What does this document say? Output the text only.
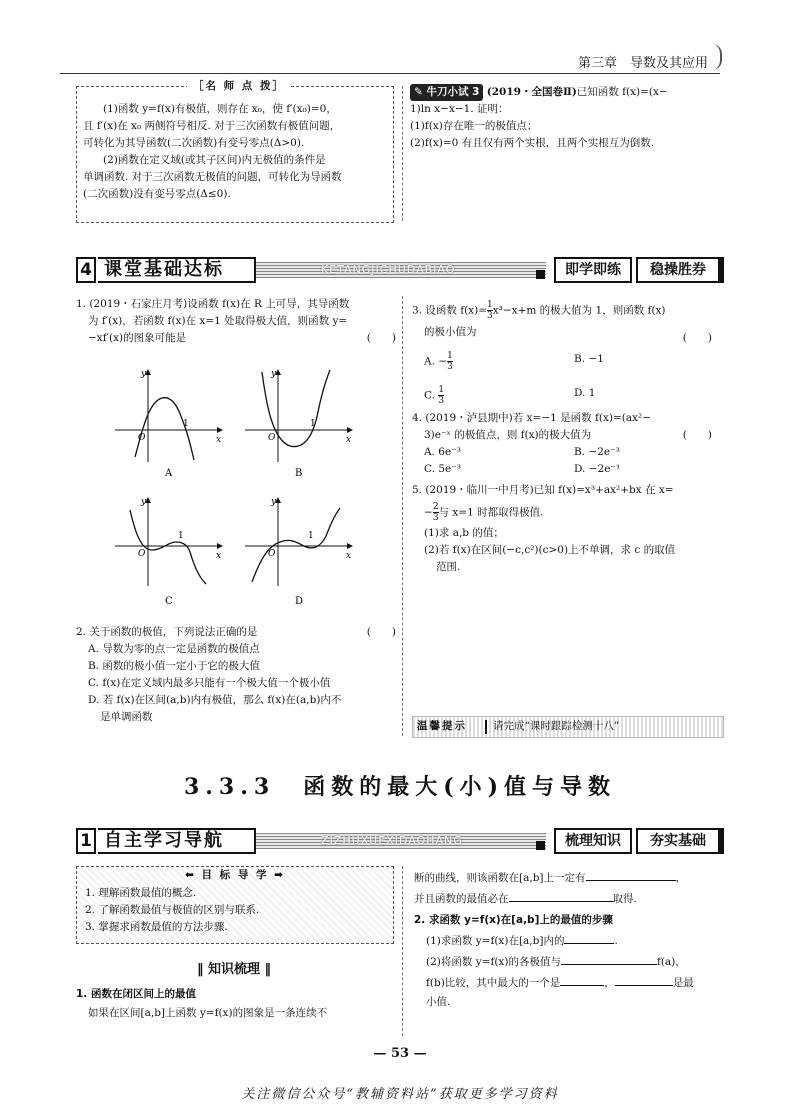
第三章　导数及其应用
［名 师 点 拨］
(1)函数 y=f(x)有极值，则存在 x₀，使 f′(x₀)=0，
且 f′(x)在 x₀ 两侧符号相反. 对于三次函数有极值问题，
可转化为其导函数(二次函数)有变号零点(Δ>0).
(2)函数在定义域(或其子区间)内无极值的条件是
单调函数. 对于三次函数无极值的问题，可转化为导函数
(二次函数)没有变号零点(Δ≤0).
✎ 牛刀小试 3 (2019・全国卷Ⅱ)已知函数 f(x)=(x−
1)ln x−x−1. 证明：
(1)f(x)存在唯一的极值点；
(2)f(x)=0 有且仅有两个实根，且两个实根互为倒数.
4 课堂基础达标	KETANGJICHUDABIAO	即学即练	稳操胜券
1. (2019・石家庄月考)设函数 f(x)在 R 上可导，其导函数
为 f′(x)，若函数 f(x)在 x=1 处取得极大值，则函数 y=
−xf′(x)的图象可能是	(　　)
y
x
O
1
A
y
x
O
1
B
y
x
O
1
C
y
x
O
1
D
2. 关于函数的极值，下列说法正确的是	(　　)
A. 导数为零的点一定是函数的极值点
B. 函数的极小值一定小于它的极大值
C. f(x)在定义域内最多只能有一个极大值一个极小值
D. 若 f(x)在区间(a,b)内有极值，那么 f(x)在(a,b)内不
是单调函数
3. 设函数 $f(x)= \frac{1}{3} x^3-x+m$ 的极大值为 1，则函数 f(x)
的极小值为	(　　)
A. − $\frac{1}{3}$	B. −1
C. $\frac{1}{3}$	D. 1
4. (2019・泸县期中)若 x=−1 是函数 f(x)=(ax²−
3)e⁻ˣ 的极值点，则 f(x)的极大值为	(　　)
A. 6e⁻³	B. −2e⁻³
C. 5e⁻³	D. −2e⁻¹
5. (2019・临川一中月考)已知 f(x)=x³+ax²+bx 在 x=
− $\frac{2}{3}$ 与 x=1 时都取得极值.
(1)求 a,b 的值；
(2)若 f(x)在区间(−c,c²)(c>0)上不单调，求 c 的取值
范围.
温馨提示 请完成“课时跟踪检测十八”
3.3.3　函数的最大(小)值与导数
1 自主学习导航	ZIZHUXUEXIDAOHANG	梳理知识	夯实基础
⬅ 目 标 导 学 ➡
1. 理解函数最值的概念.
2. 了解函数最值与极值的区别与联系.
3. 掌握求函数最值的方法步骤.
‖ 知识梳理 ‖
1. 函数在闭区间上的最值
如果在区间[a,b]上函数 y=f(x)的图象是一条连续不
断的曲线，则该函数在[a,b]上一定有	，
并且函数的最值必在	取得.
2. 求函数 y=f(x)在[a,b]上的最值的步骤
(1)求函数 y=f(x)在[a,b]内的	.
(2)将函数 y=f(x)的各极值与	f(a)，
f(b)比较，其中最大的一个是	，	是最
小值.
— 53 —
关注微信公众号“教辅资料站”获取更多学习资料
